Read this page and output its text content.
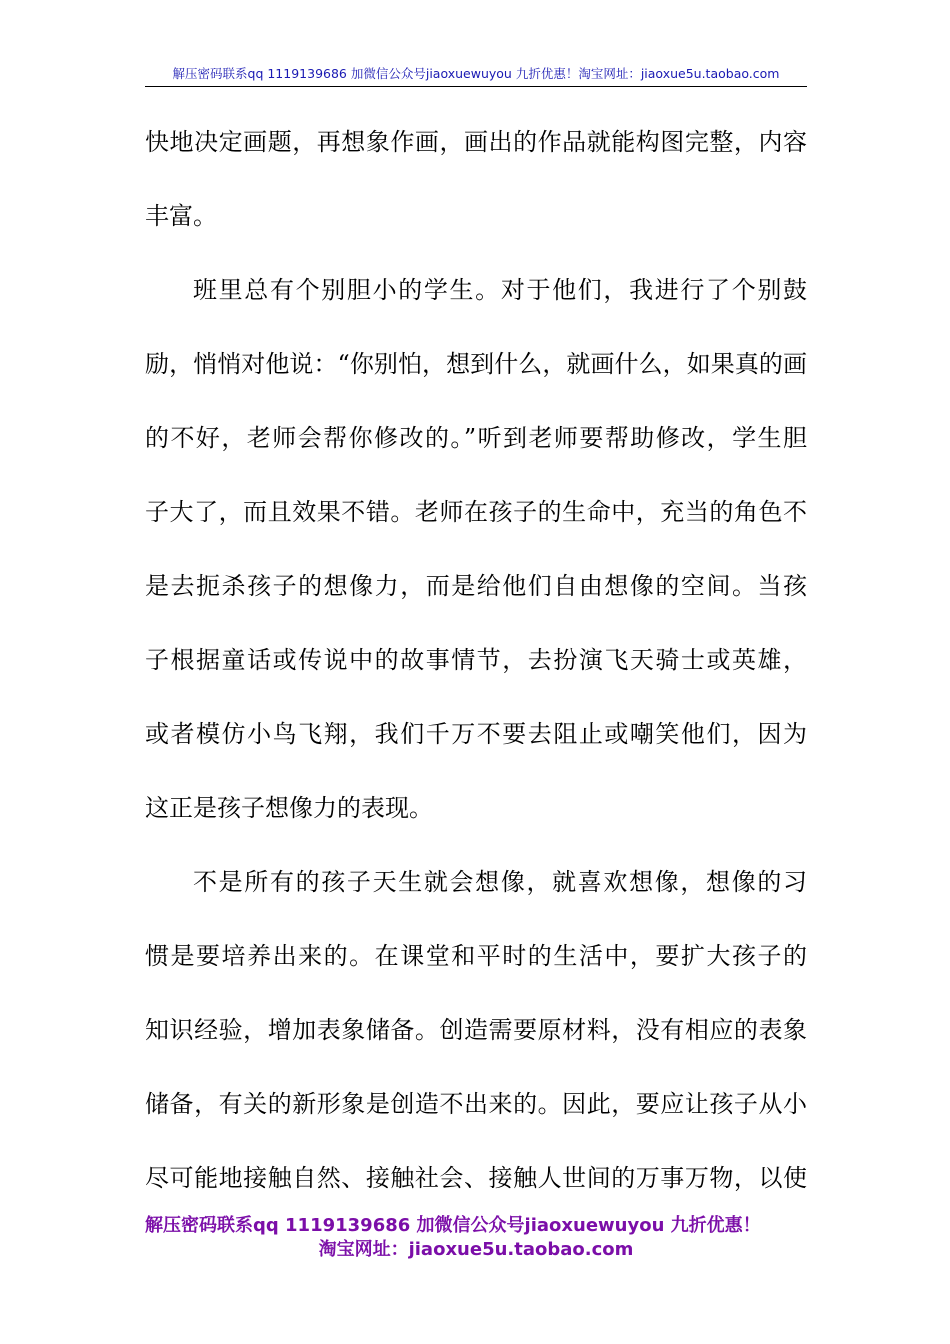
解压密码联系qq 1119139686 加微信公众号jiaoxuewuyou 九折优惠！淘宝网址：jiaoxue5u.taobao.com
快地决定画题，再想象作画，画出的作品就能构图完整，内容
丰富。
班里总有个别胆小的学生。对于他们，我进行了个别鼓
励，悄悄对他说：“你别怕，想到什么，就画什么，如果真的画
的不好，老师会帮你修改的。”听到老师要帮助修改，学生胆
子大了，而且效果不错。老师在孩子的生命中，充当的角色不
是去扼杀孩子的想像力，而是给他们自由想像的空间。当孩
子根据童话或传说中的故事情节，去扮演飞天骑士或英雄，
或者模仿小鸟飞翔，我们千万不要去阻止或嘲笑他们，因为
这正是孩子想像力的表现。
不是所有的孩子天生就会想像，就喜欢想像，想像的习
惯是要培养出来的。在课堂和平时的生活中，要扩大孩子的
知识经验，增加表象储备。创造需要原材料，没有相应的表象
储备，有关的新形象是创造不出来的。因此，要应让孩子从小
尽可能地接触自然、接触社会、接触人世间的万事万物，以使
解压密码联系qq 1119139686 加微信公众号jiaoxuewuyou 九折优惠！
淘宝网址：jiaoxue5u.taobao.com
